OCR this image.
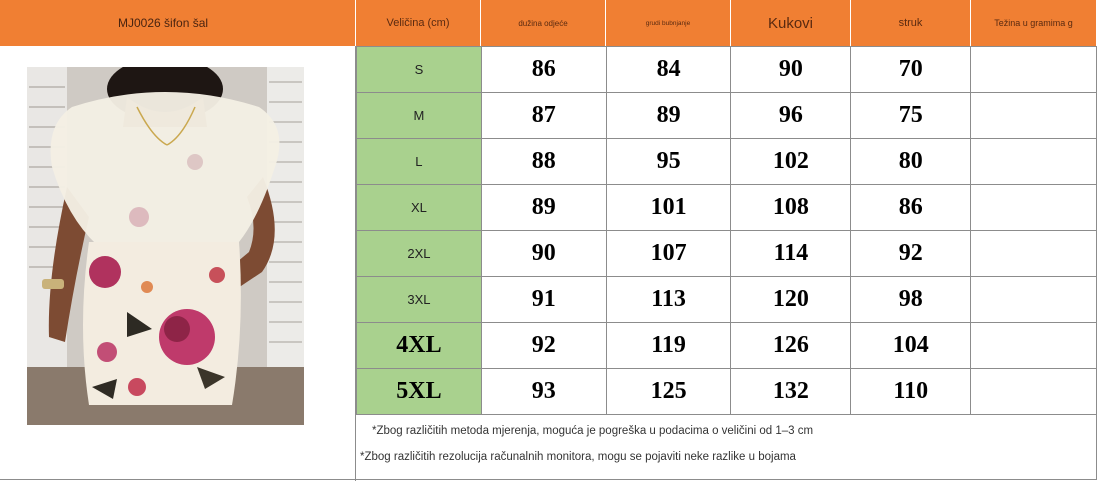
MJ0026 šifon šal	Veličina (cm)	dužina odjeće	grudi bubnjanje	Kukovi	struk	Težina u gramima g
S	86	84	90	70	
M	87	89	96	75	
L	88	95	102	80	
XL	89	101	108	86	
2XL	90	107	114	92	
3XL	91	113	120	98	
4XL	92	119	126	104	
5XL	93	125	132	110	
*Zbog različitih metoda mjerenja, moguća je pogreška u podacima o veličini od 1–3 cm
*Zbog različitih rezolucija računalnih monitora, mogu se pojaviti neke razlike u bojama
